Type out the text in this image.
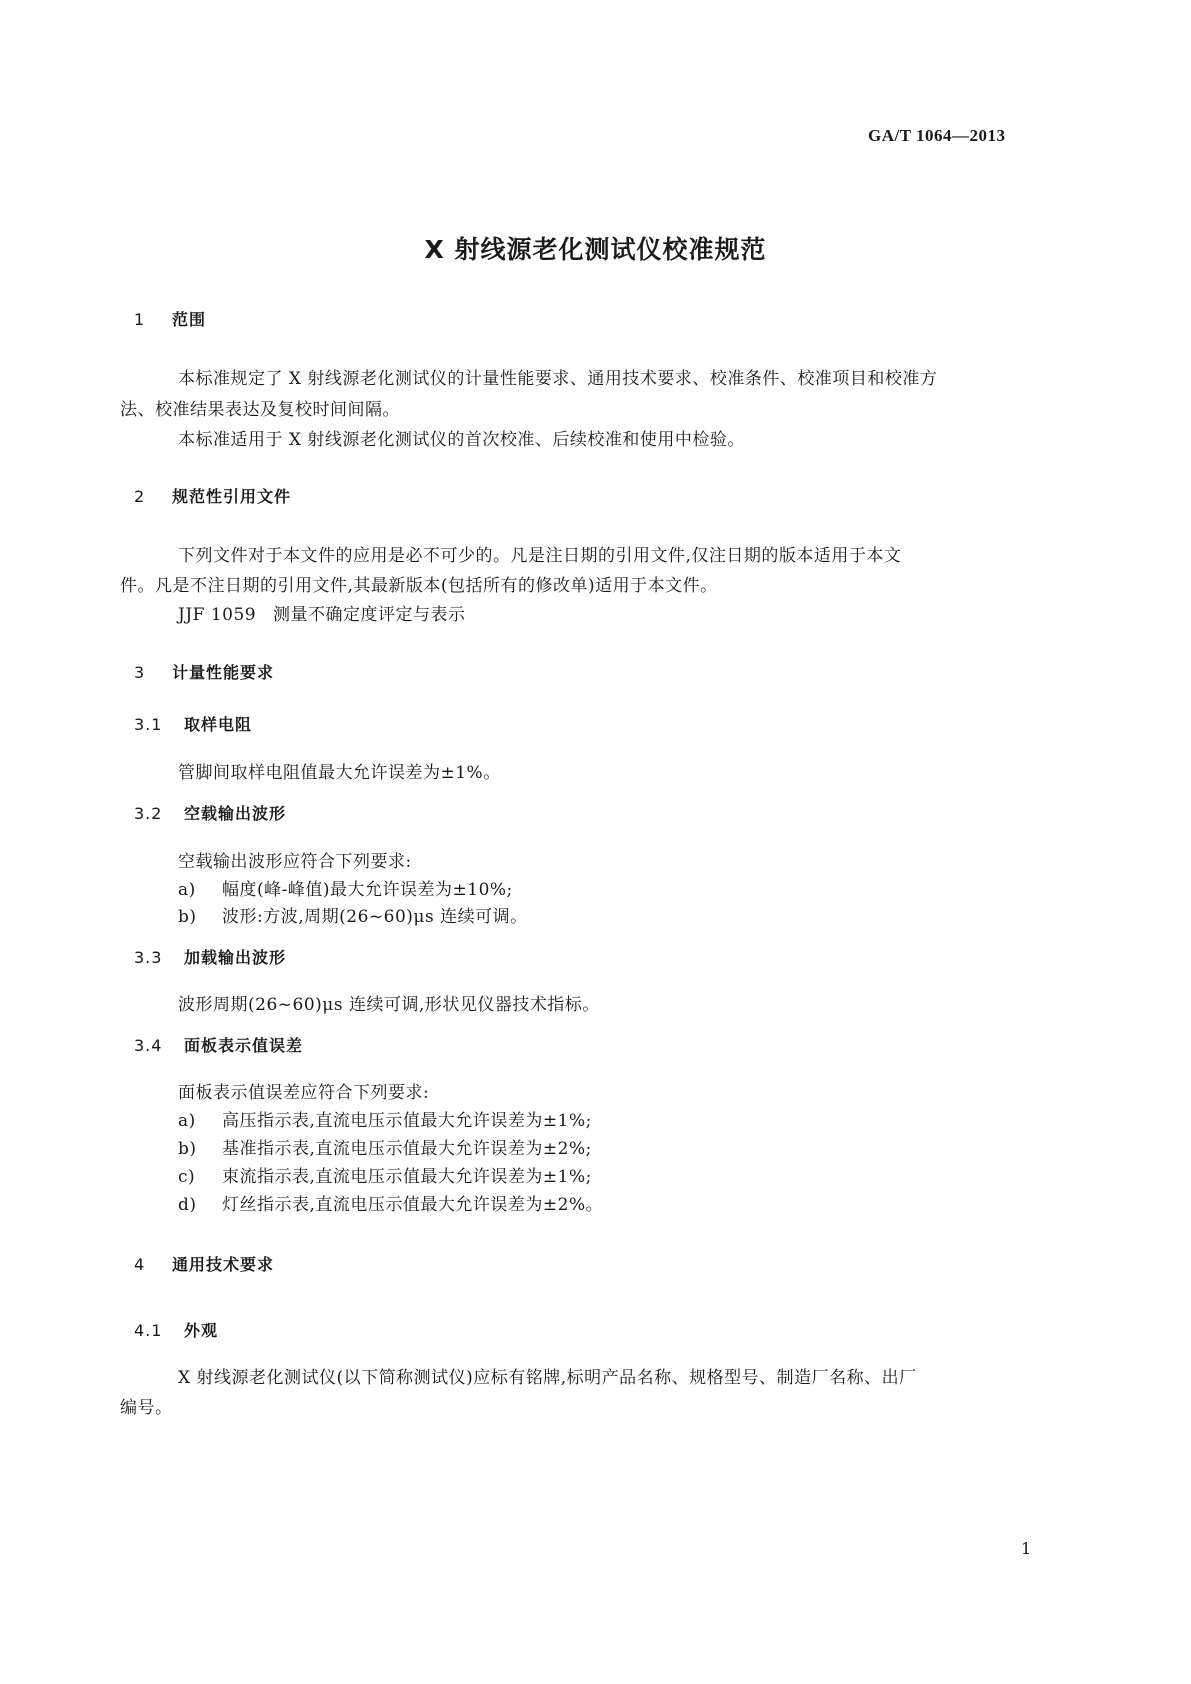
GA/T 1064—2013
X 射线源老化测试仪校准规范
1 范围
本标准规定了 X 射线源老化测试仪的计量性能要求、通用技术要求、校准条件、校准项目和校准方
法、校准结果表达及复校时间间隔。
本标准适用于 X 射线源老化测试仪的首次校准、后续校准和使用中检验。
2 规范性引用文件
下列文件对于本文件的应用是必不可少的。凡是注日期的引用文件,仅注日期的版本适用于本文
件。凡是不注日期的引用文件,其最新版本(包括所有的修改单)适用于本文件。
JJF 1059 测量不确定度评定与表示
3 计量性能要求
3.1 取样电阻
管脚间取样电阻值最大允许误差为±1%。
3.2 空载输出波形
空载输出波形应符合下列要求:
a) 幅度(峰-峰值)最大允许误差为±10%;
b) 波形:方波,周期(26~60)μs 连续可调。
3.3 加载输出波形
波形周期(26~60)μs 连续可调,形状见仪器技术指标。
3.4 面板表示值误差
面板表示值误差应符合下列要求:
a) 高压指示表,直流电压示值最大允许误差为±1%;
b) 基准指示表,直流电压示值最大允许误差为±2%;
c) 束流指示表,直流电压示值最大允许误差为±1%;
d) 灯丝指示表,直流电压示值最大允许误差为±2%。
4 通用技术要求
4.1 外观
X 射线源老化测试仪(以下简称测试仪)应标有铭牌,标明产品名称、规格型号、制造厂名称、出厂
编号。
1
